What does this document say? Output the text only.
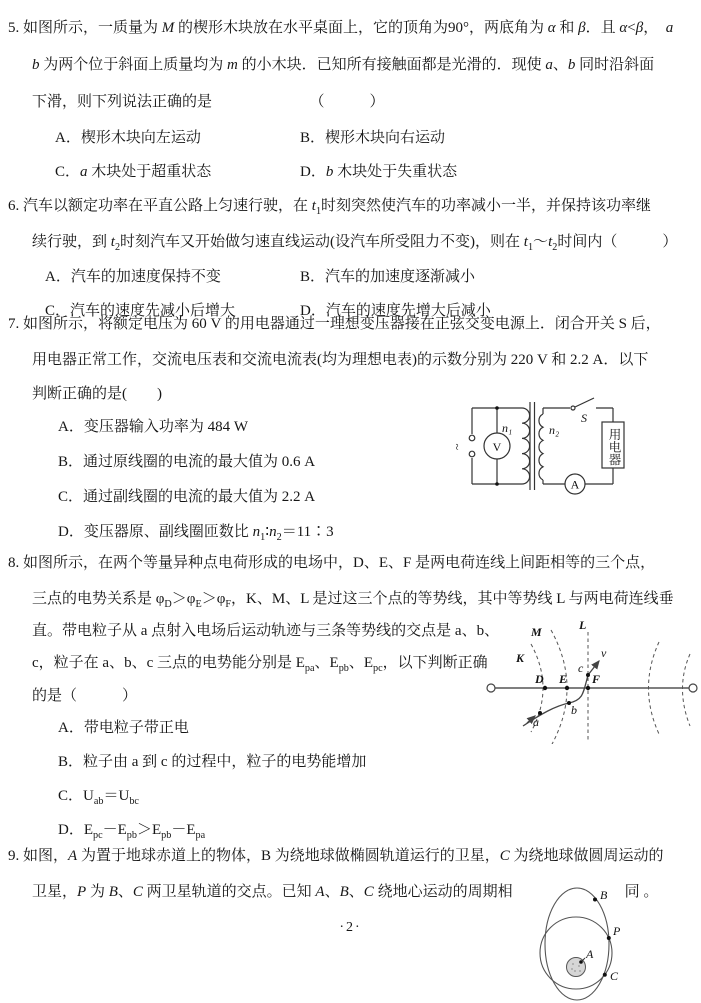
5. 如图所示，一质量为 M 的楔形木块放在水平桌面上，它的顶角为90°，两底角为 α 和 β．且 α<β，　a

b 为两个位于斜面上质量均为 m 的小木块．已知所有接触面都是光滑的．现使 a、b 同时沿斜面

下滑，则下列说法正确的是　　　　　　　（　　　）

A．楔形木块向左运动	B．楔形木块向右运动

C．a 木块处于超重状态	D．b 木块处于失重状态

6. 汽车以额定功率在平直公路上匀速行驶，在 $t_1$时刻突然使汽车的功率减小一半，并保持该功率继

续行驶，到 $t_2$时刻汽车又开始做匀速直线运动(设汽车所受阻力不变)，则在 $t_1\sim t_2$时间内（　　　）

A．汽车的加速度保持不变	B．汽车的加速度逐渐减小

C．汽车的速度先减小后增大	D．汽车的速度先增大后减小

7. 如图所示，将额定电压为 60 V 的用电器通过一理想变压器接在正弦交变电源上．闭合开关 S 后，

用电器正常工作，交流电压表和交流电流表(均为理想电表)的示数分别为 220 V 和 2.2 A．以下

判断正确的是(　　)

A．变压器输入功率为 484 W

B．通过原线圈的电流的最大值为 0.6 A

C．通过副线圈的电流的最大值为 2.2 A

D．变压器原、副线圈匝数比 $n_1∶n_2=11∶3$

8. 如图所示，在两个等量异种点电荷形成的电场中，D、E、F 是两电荷连线上间距相等的三个点，

三点的电势关系是 $\varphi_D>\varphi_E>\varphi_F$，K、M、L 是过这三个点的等势线，其中等势线 L 与两电荷连线垂

直。带电粒子从 a 点射入电场后运动轨迹与三条等势线的交点是 a、b、

c，粒子在 a、b、c 三点的电势能分别是 $E_{pa}$、$E_{pb}$、$E_{pc}$，以下判断正确

的是（　　　）

A．带电粒子带正电

B．粒子由 a 到 c 的过程中，粒子的电势能增加

C．$U_{ab}=U_{bc}$

D．$E_{pc}-E_{pb}>E_{pb}-E_{pa}$

9. 如图，A 为置于地球赤道上的物体，B 为绕地球做椭圆轨道运行的卫星，C 为绕地球做圆周运动的

卫星，P 为 B、C 两卫星轨道的交点。已知 A、B、C 绕地心运动的周期相	同 。

·2·

~ V
n₁	n₂
S
A
用电器
K
M	L
D E F
a
b
c
v
A
B
P
C
